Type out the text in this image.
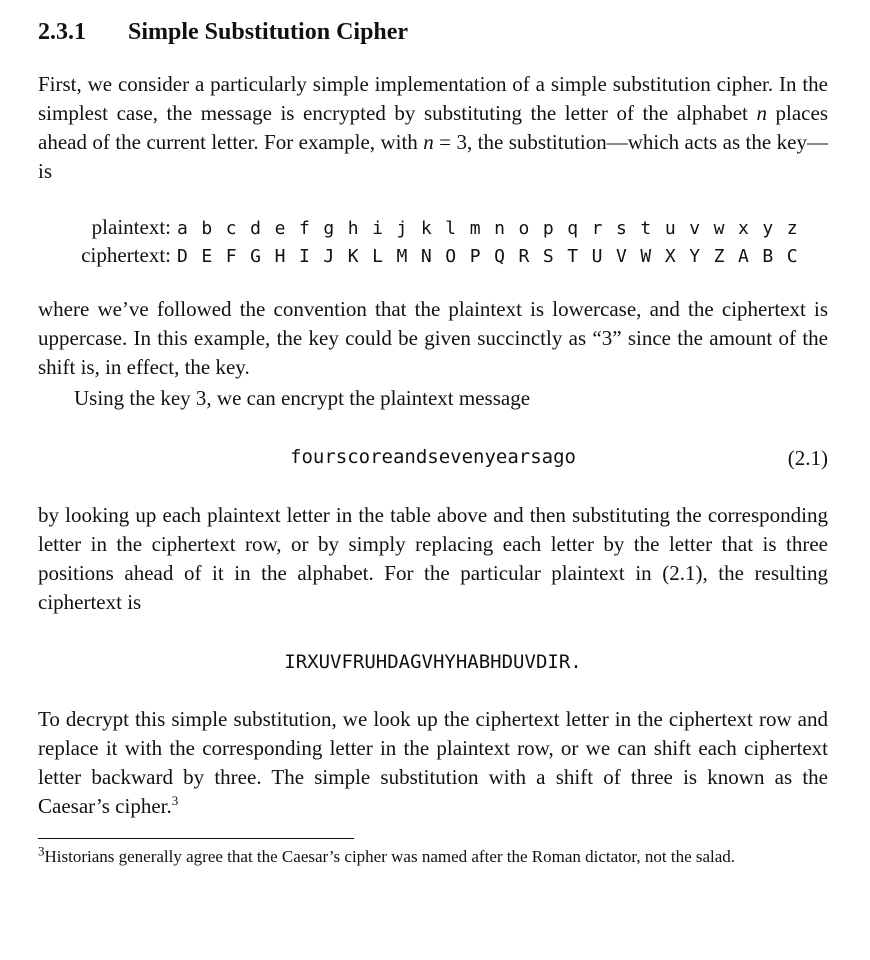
2.3.1 Simple Substitution Cipher

First, we consider a particularly simple implementation of a simple substitution cipher. In the simplest case, the message is encrypted by substituting the letter of the alphabet n places ahead of the current letter. For example, with n = 3, the substitution—which acts as the key—is

plaintext: a b c d e f g h i j k l m n o p q r s t u v w x y z
ciphertext: D E F G H I J K L M N O P Q R S T U V W X Y Z A B C

where we’ve followed the convention that the plaintext is lowercase, and the ciphertext is uppercase. In this example, the key could be given succinctly as “3” since the amount of the shift is, in effect, the key.

Using the key 3, we can encrypt the plaintext message

fourscoreandsevenyearsago	(2.1)

by looking up each plaintext letter in the table above and then substituting the corresponding letter in the ciphertext row, or by simply replacing each letter by the letter that is three positions ahead of it in the alphabet. For the particular plaintext in (2.1), the resulting ciphertext is

IRXUVFRUHDAGVHYHABHDUVDIR.

To decrypt this simple substitution, we look up the ciphertext letter in the ciphertext row and replace it with the corresponding letter in the plaintext row, or we can shift each ciphertext letter backward by three. The simple substitution with a shift of three is known as the Caesar’s cipher.$^3$

$^3$Historians generally agree that the Caesar’s cipher was named after the Roman dictator, not the salad.
